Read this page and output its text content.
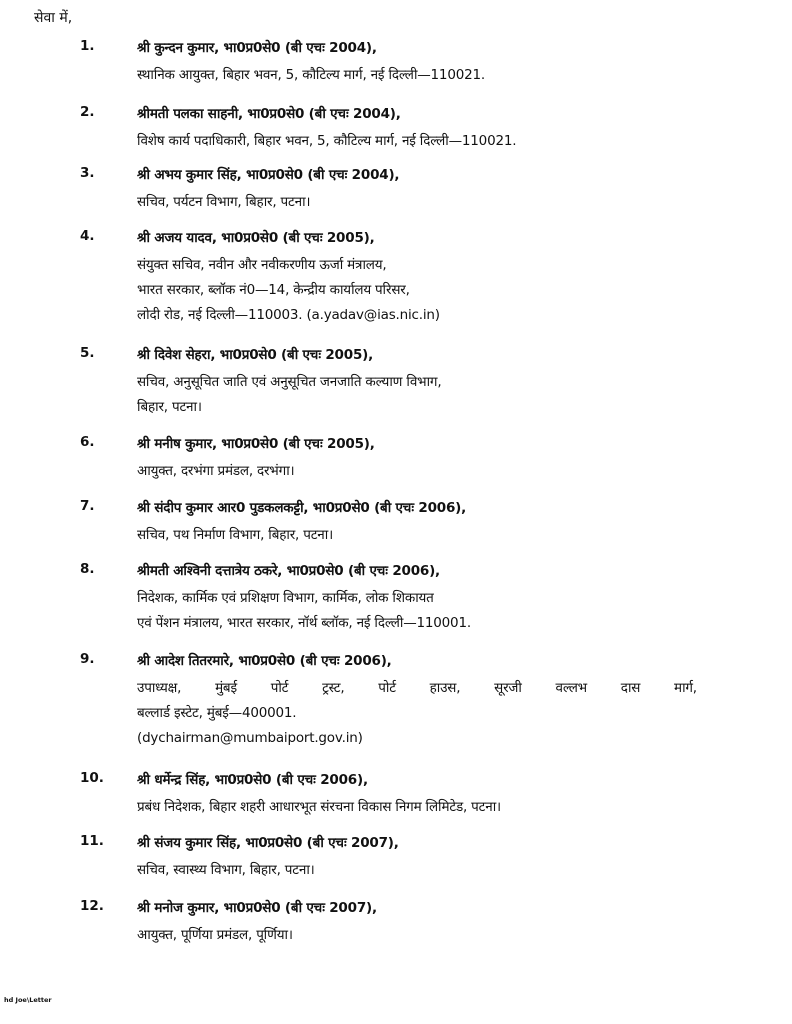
सेवा में,
1.	श्री कुन्दन कुमार, भा0प्र0से0 (बी एचः 2004),
स्थानिक आयुक्त, बिहार भवन, 5, कौटिल्य मार्ग, नई दिल्ली—110021.
2.	श्रीमती पलका साहनी, भा0प्र0से0 (बी एचः 2004),
विशेष कार्य पदाधिकारी, बिहार भवन, 5, कौटिल्य मार्ग, नई दिल्ली—110021.
3.	श्री अभय कुमार सिंह, भा0प्र0से0 (बी एचः 2004),
सचिव, पर्यटन विभाग, बिहार, पटना।
4.	श्री अजय यादव, भा0प्र0से0 (बी एचः 2005),
संयुक्त सचिव, नवीन और नवीकरणीय ऊर्जा मंत्रालय,
भारत सरकार, ब्लॉक नं0—14, केन्द्रीय कार्यालय परिसर,
लोदी रोड, नई दिल्ली—110003. (a.yadav@ias.nic.in)
5.	श्री दिवेश सेहरा, भा0प्र0से0 (बी एचः 2005),
सचिव, अनुसूचित जाति एवं अनुसूचित जनजाति कल्याण विभाग,
बिहार, पटना।
6.	श्री मनीष कुमार, भा0प्र0से0 (बी एचः 2005),
आयुक्त, दरभंगा प्रमंडल, दरभंगा।
7.	श्री संदीप कुमार आर0 पुडकलकट्टी, भा0प्र0से0 (बी एचः 2006),
सचिव, पथ निर्माण विभाग, बिहार, पटना।
8.	श्रीमती अश्विनी दत्तात्रेय ठकरे, भा0प्र0से0 (बी एचः 2006),
निदेशक, कार्मिक एवं प्रशिक्षण विभाग, कार्मिक, लोक शिकायत
एवं पेंशन मंत्रालय, भारत सरकार, नॉर्थ ब्लॉक, नई दिल्ली—110001.
9.	श्री आदेश तितरमारे, भा0प्र0से0 (बी एचः 2006),
उपाध्यक्ष,	मुंबई	पोर्ट	ट्रस्ट,	पोर्ट	हाउस,	सूरजी	वल्लभ	दास	मार्ग,
बल्लार्ड इस्टेट, मुंबई—400001.
(dychairman@mumbaiport.gov.in)
10. श्री धर्मेन्द्र सिंह, भा0प्र0से0 (बी एचः 2006),
प्रबंध निदेशक, बिहार शहरी आधारभूत संरचना विकास निगम लिमिटेड, पटना।
11. श्री संजय कुमार सिंह, भा0प्र0से0 (बी एचः 2007),
सचिव, स्वास्थ्य विभाग, बिहार, पटना।
12. श्री मनोज कुमार, भा0प्र0से0 (बी एचः 2007),
आयुक्त, पूर्णिया प्रमंडल, पूर्णिया।
hd Joe\Letter
